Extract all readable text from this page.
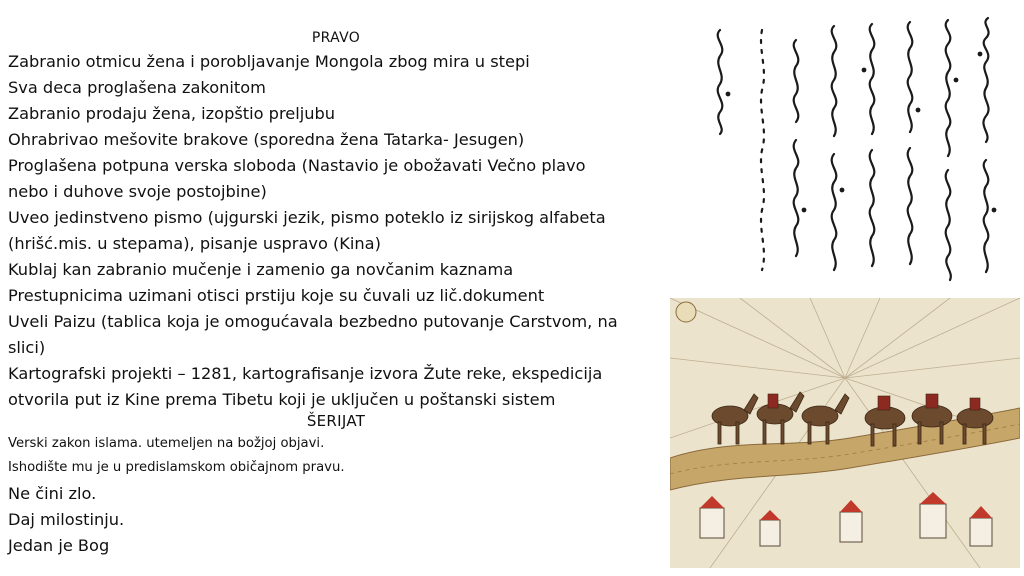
PRAVO
Zabranio otmicu žena i porobljavanje Mongola zbog mira u stepi
Sva deca proglašena zakonitom
Zabranio prodaju žena, izopštio preljubu
Ohrabrivao mešovite brakove (sporedna žena Tatarka- Jesugen)
Proglašena potpuna verska sloboda (Nastavio je obožavati Večno plavo
nebo i duhove svoje postojbine)
Uveo jedinstveno pismo (ujgurski jezik, pismo poteklo iz sirijskog alfabeta
(hrišć.mis. u stepama), pisanje uspravo (Kina)
Kublaj kan zabranio mučenje i zamenio ga novčanim kaznama
Prestupnicima uzimani otisci prstiju koje su čuvali uz lič.dokument
Uveli Paizu (tablica koja je omogućavala bezbedno putovanje Carstvom, na
slici)
Kartografski projekti – 1281, kartografisanje izvora Žute reke, ekspedicija
otvorila put iz Kine prema Tibetu koji je uključen u poštanski sistem
ŠERIJAT
Verski zakon islama. utemeljen na božjoj objavi.
Ishodište mu je u predislamskom običajnom pravu.
Ne čini zlo.
Daj milostinju.
Jedan je Bog
